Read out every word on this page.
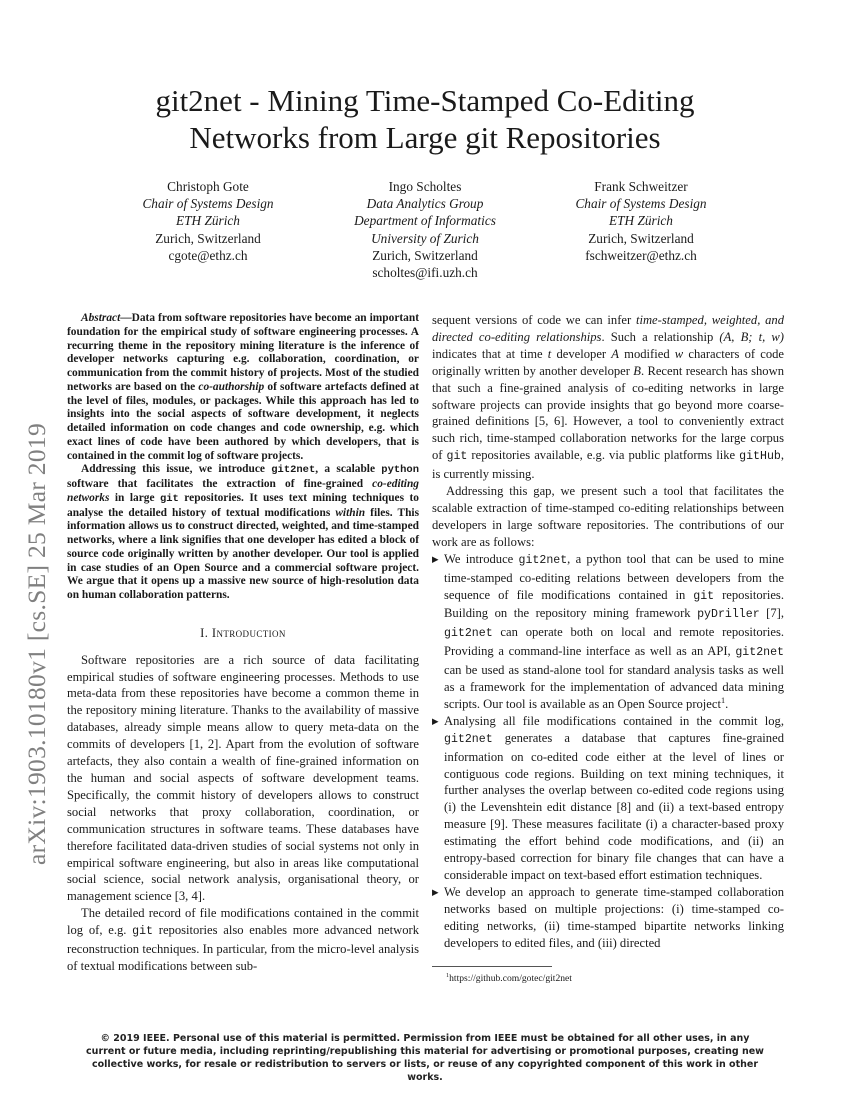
arXiv:1903.10180v1 [cs.SE] 25 Mar 2019
git2net - Mining Time-Stamped Co-Editing
Networks from Large git Repositories
Christoph Gote
Chair of Systems Design
ETH Zürich
Zurich, Switzerland
cgote@ethz.ch
Ingo Scholtes
Data Analytics Group
Department of Informatics
University of Zurich
Zurich, Switzerland
scholtes@ifi.uzh.ch
Frank Schweitzer
Chair of Systems Design
ETH Zürich
Zurich, Switzerland
fschweitzer@ethz.ch

Abstract—Data from software repositories have become an important foundation for the empirical study of software engineering processes. A recurring theme in the repository mining literature is the inference of developer networks capturing e.g. collaboration, coordination, or communication from the commit history of projects. Most of the studied networks are based on the co-authorship of software artefacts defined at the level of files, modules, or packages. While this approach has led to insights into the social aspects of software development, it neglects detailed information on code changes and code ownership, e.g. which exact lines of code have been authored by which developers, that is contained in the commit log of software projects.

Addressing this issue, we introduce git2net, a scalable python software that facilitates the extraction of fine-grained co-editing networks in large git repositories. It uses text mining techniques to analyse the detailed history of textual modifications within files. This information allows us to construct directed, weighted, and time-stamped networks, where a link signifies that one developer has edited a block of source code originally written by another developer. Our tool is applied in case studies of an Open Source and a commercial software project. We argue that it opens up a massive new source of high-resolution data on human collaboration patterns.

I. Introduction

Software repositories are a rich source of data facilitating empirical studies of software engineering processes. Methods to use meta-data from these repositories have become a common theme in the repository mining literature. Thanks to the availability of massive databases, already simple means allow to query meta-data on the commits of developers [1, 2]. Apart from the evolution of software artefacts, they also contain a wealth of fine-grained information on the human and social aspects of software development teams. Specifically, the commit history of developers allows to construct social networks that proxy collaboration, coordination, or communication structures in software teams. These databases have therefore facilitated data-driven studies of social systems not only in empirical software engineering, but also in areas like computational social science, social network analysis, organisational theory, or management science [3, 4].

The detailed record of file modifications contained in the commit log of, e.g. git repositories also enables more advanced network reconstruction techniques. In particular, from the micro-level analysis of textual modifications between sub-

sequent versions of code we can infer time-stamped, weighted, and directed co-editing relationships. Such a relationship (A, B; t, w) indicates that at time t developer A modified w characters of code originally written by another developer B. Recent research has shown that such a fine-grained analysis of co-editing networks in large software projects can provide insights that go beyond more coarse-grained definitions [5, 6]. However, a tool to conveniently extract such rich, time-stamped collaboration networks for the large corpus of git repositories available, e.g. via public platforms like gitHub, is currently missing.

Addressing this gap, we present such a tool that facilitates the scalable extraction of time-stamped co-editing relationships between developers in large software repositories. The contributions of our work are as follows:

▶ We introduce git2net, a python tool that can be used to mine time-stamped co-editing relations between developers from the sequence of file modifications contained in git repositories. Building on the repository mining framework pyDriller [7], git2net can operate both on local and remote repositories. Providing a command-line interface as well as an API, git2net can be used as stand-alone tool for standard analysis tasks as well as a framework for the implementation of advanced data mining scripts. Our tool is available as an Open Source project$^1$.
▶ Analysing all file modifications contained in the commit log, git2net generates a database that captures fine-grained information on co-edited code either at the level of lines or contiguous code regions. Building on text mining techniques, it further analyses the overlap between co-edited code regions using (i) the Levenshtein edit distance [8] and (ii) a text-based entropy measure [9]. These measures facilitate (i) a character-based proxy estimating the effort behind code modifications, and (ii) an entropy-based correction for binary file changes that can have a considerable impact on text-based effort estimation techniques.
▶ We develop an approach to generate time-stamped collaboration networks based on multiple projections: (i) time-stamped co-editing networks, (ii) time-stamped bipartite networks linking developers to edited files, and (iii) directed

$^1$https://github.com/gotec/git2net

© 2019 IEEE. Personal use of this material is permitted. Permission from IEEE must be obtained for all other uses, in any current or future media, including reprinting/republishing this material for advertising or promotional purposes, creating new collective works, for resale or redistribution to servers or lists, or reuse of any copyrighted component of this work in other works.
